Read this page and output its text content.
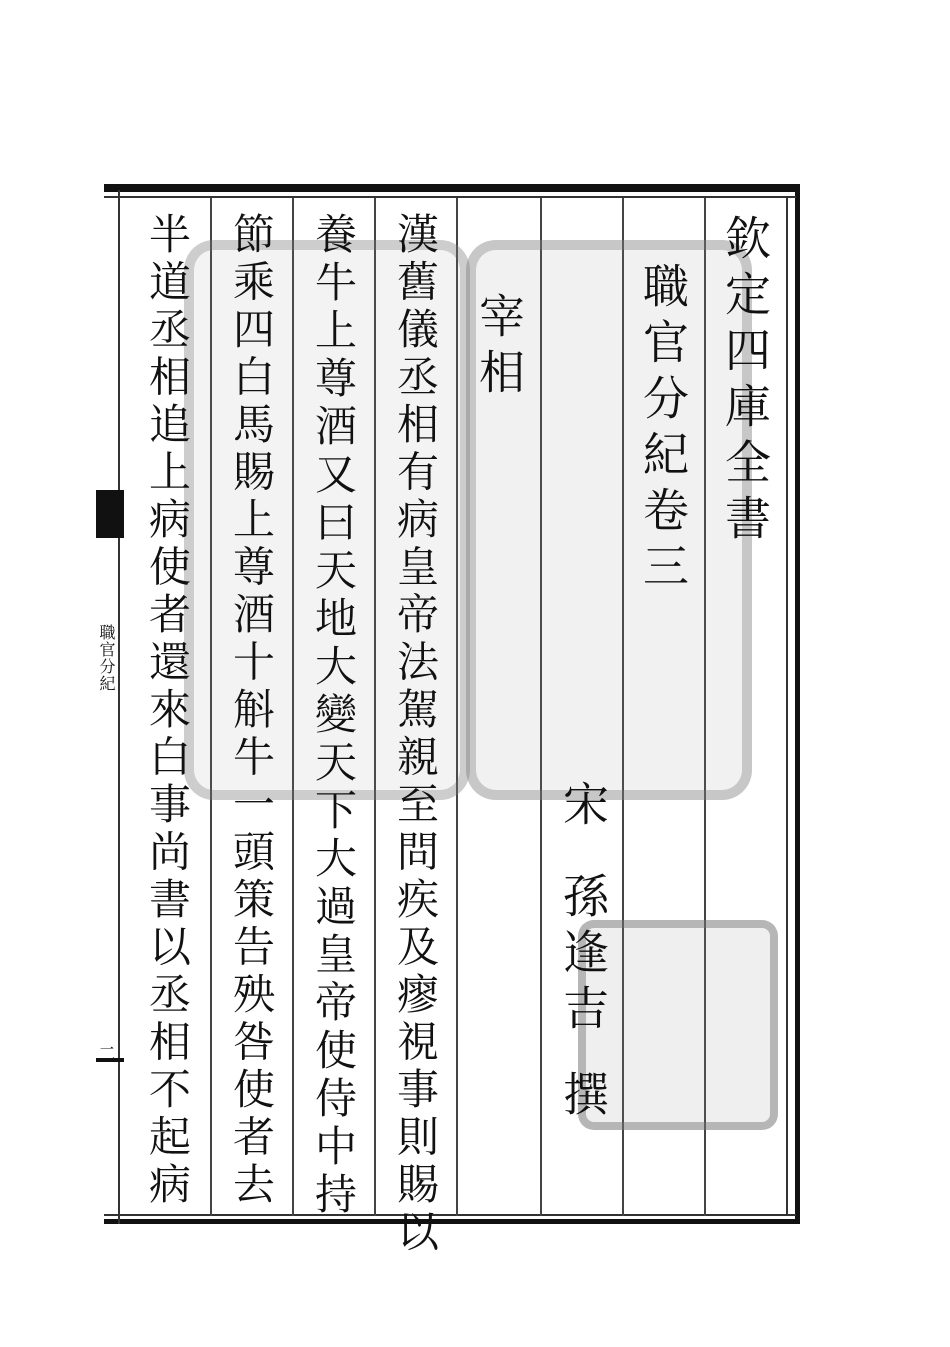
職官分紀
二
欽定四庫全書
職官分紀卷三
宋
孫逢吉
撰
宰相
漢舊儀丞相有病皇帝法駕親至問疾及瘳視事則賜以
養牛上尊酒又曰天地大變天下大過皇帝使侍中持
節乘四白馬賜上尊酒十斛牛一頭策告殃咎使者去
半道丞相追上病使者還來白事尚書以丞相不起病
